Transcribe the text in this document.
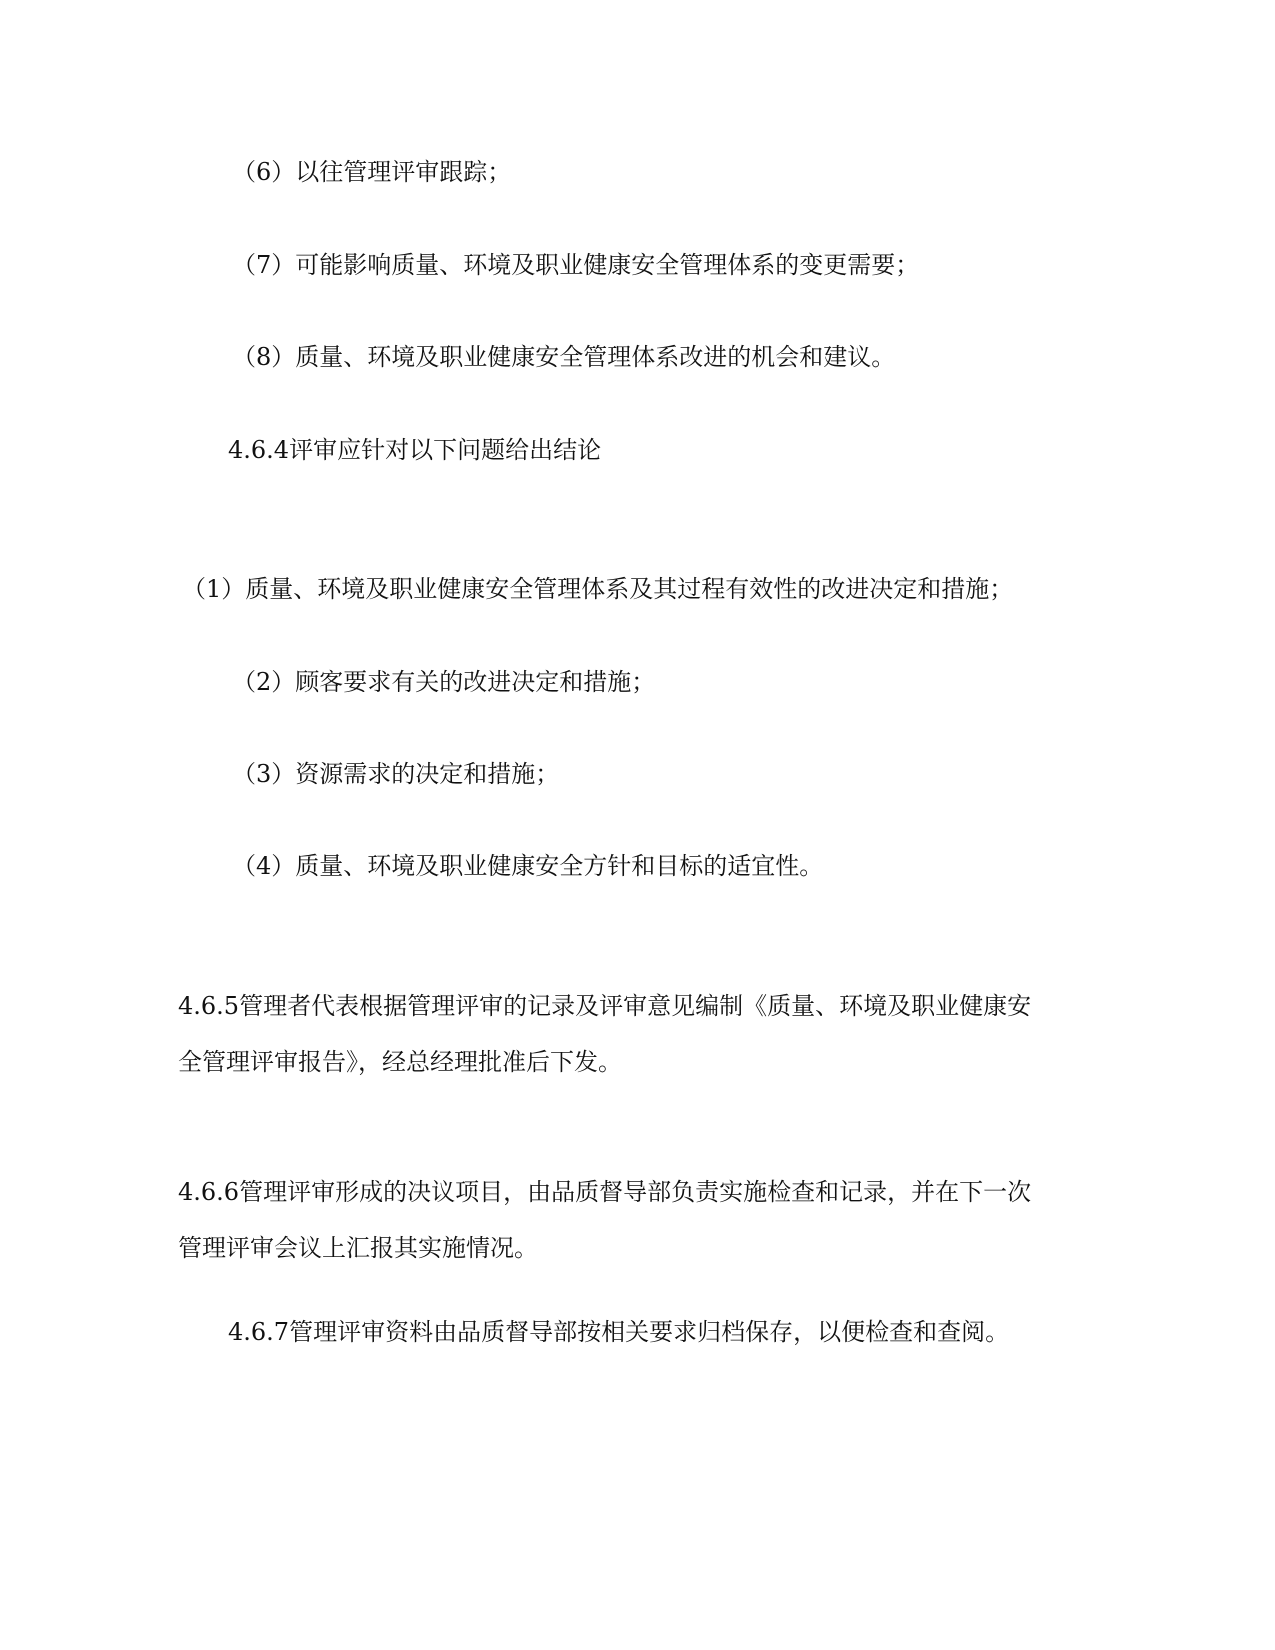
（6）以往管理评审跟踪；

（7）可能影响质量、环境及职业健康安全管理体系的变更需要；

（8）质量、环境及职业健康安全管理体系改进的机会和建议。

4.6.4评审应针对以下问题给出结论

（1）质量、环境及职业健康安全管理体系及其过程有效性的改进决定和措施；

（2）顾客要求有关的改进决定和措施；

（3）资源需求的决定和措施；

（4）质量、环境及职业健康安全方针和目标的适宜性。

4.6.5管理者代表根据管理评审的记录及评审意见编制《质量、环境及职业健康安全管理评审报告》，经总经理批准后下发。

4.6.6管理评审形成的决议项目，由品质督导部负责实施检查和记录，并在下一次管理评审会议上汇报其实施情况。

4.6.7管理评审资料由品质督导部按相关要求归档保存，以便检查和查阅。
